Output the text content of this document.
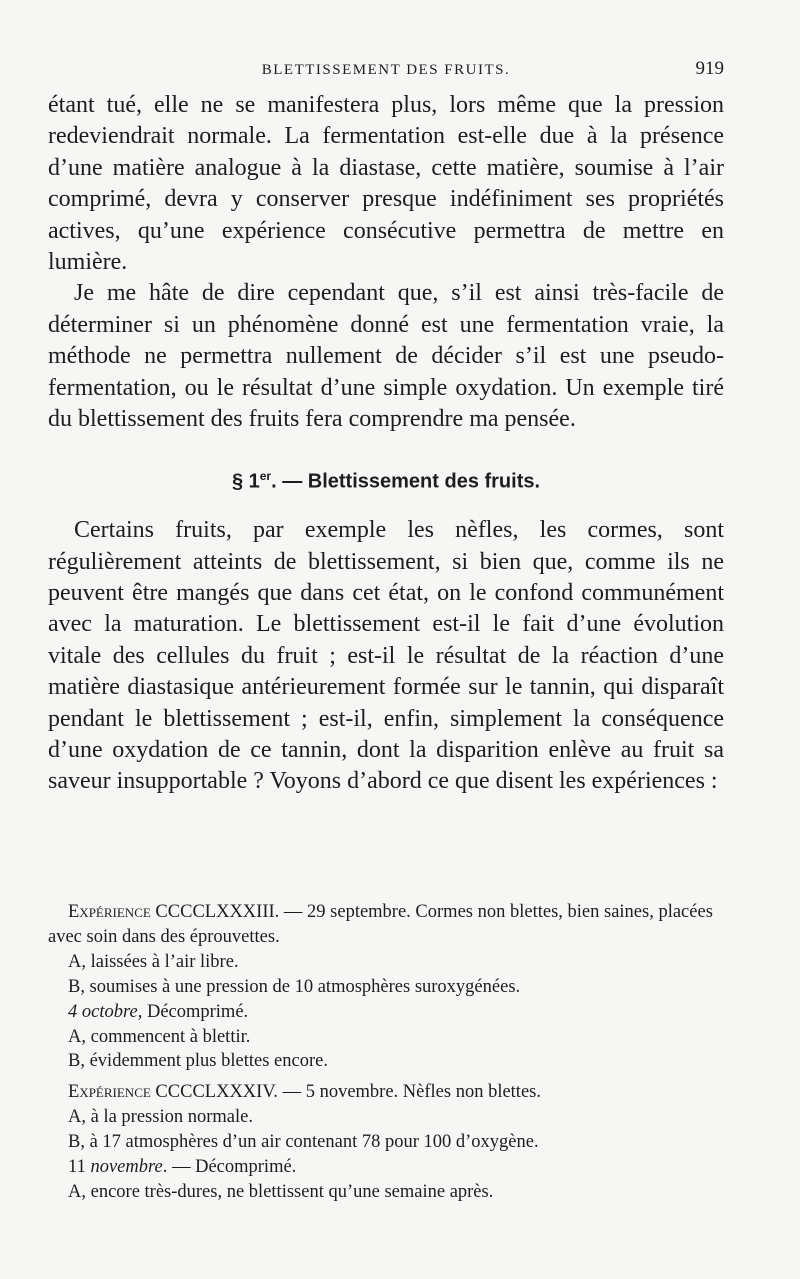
BLETTISSEMENT DES FRUITS.	919

étant tué, elle ne se manifestera plus, lors même que la pression redeviendrait normale. La fermentation est-elle due à la présence d’une matière analogue à la diastase, cette matière, soumise à l’air comprimé, devra y conserver presque indéfiniment ses propriétés actives, qu’une expérience consécutive permettra de mettre en lumière.

Je me hâte de dire cependant que, s’il est ainsi très-facile de déterminer si un phénomène donné est une fermentation vraie, la méthode ne permettra nullement de décider s’il est une pseudo-fermentation, ou le résultat d’une simple oxydation. Un exemple tiré du blettissement des fruits fera comprendre ma pensée.

§ 1er. — Blettissement des fruits.

Certains fruits, par exemple les nèfles, les cormes, sont régulièrement atteints de blettissement, si bien que, comme ils ne peuvent être mangés que dans cet état, on le confond communément avec la maturation. Le blettissement est-il le fait d’une évolution vitale des cellules du fruit ; est-il le résultat de la réaction d’une matière diastasique antérieurement formée sur le tannin, qui disparaît pendant le blettissement ; est-il, enfin, simplement la conséquence d’une oxydation de ce tannin, dont la disparition enlève au fruit sa saveur insupportable ? Voyons d’abord ce que disent les expériences :

Expérience CCCCLXXXIII. — 29 septembre. Cormes non blettes, bien saines, placées avec soin dans des éprouvettes.

A, laissées à l’air libre.

B, soumises à une pression de 10 atmosphères suroxygénées.

4 octobre, Décomprimé.

A, commencent à blettir.

B, évidemment plus blettes encore.

Expérience CCCCLXXXIV. — 5 novembre. Nèfles non blettes.

A, à la pression normale.

B, à 17 atmosphères d’un air contenant 78 pour 100 d’oxygène.

11 novembre. — Décomprimé.

A, encore très-dures, ne blettissent qu’une semaine après.
